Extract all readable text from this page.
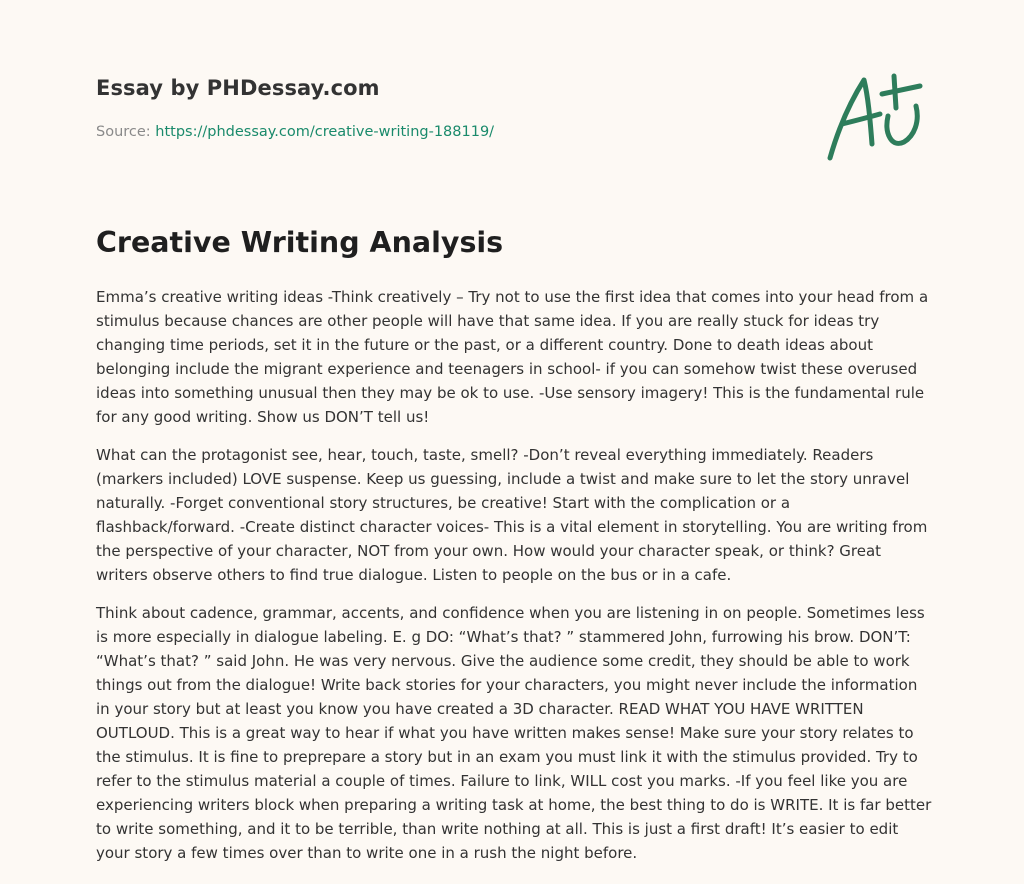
Essay by PHDessay.com
Source: https://phdessay.com/creative-writing-188119/
Creative Writing Analysis

Emma’s creative writing ideas -Think creatively – Try not to use the first idea that comes into your head from a stimulus because chances are other people will have that same idea. If you are really stuck for ideas try changing time periods, set it in the future or the past, or a different country. Done to death ideas about belonging include the migrant experience and teenagers in school- if you can somehow twist these overused ideas into something unusual then they may be ok to use. -Use sensory imagery! This is the fundamental rule for any good writing. Show us DON’T tell us!

What can the protagonist see, hear, touch, taste, smell? -Don’t reveal everything immediately. Readers (markers included) LOVE suspense. Keep us guessing, include a twist and make sure to let the story unravel naturally. -Forget conventional story structures, be creative! Start with the complication or a flashback/forward. -Create distinct character voices- This is a vital element in storytelling. You are writing from the perspective of your character, NOT from your own. How would your character speak, or think? Great writers observe others to find true dialogue. Listen to people on the bus or in a cafe.

Think about cadence, grammar, accents, and confidence when you are listening in on people. Sometimes less is more especially in dialogue labeling. E. g DO: “What’s that? ” stammered John, furrowing his brow. DON’T: “What’s that? ” said John. He was very nervous. Give the audience some credit, they should be able to work things out from the dialogue! Write back stories for your characters, you might never include the information in your story but at least you know you have created a 3D character. READ WHAT YOU HAVE WRITTEN OUTLOUD. This is a great way to hear if what you have written makes sense! Make sure your story relates to the stimulus. It is fine to preprepare a story but in an exam you must link it with the stimulus provided. Try to refer to the stimulus material a couple of times. Failure to link, WILL cost you marks. -If you feel like you are experiencing writers block when preparing a writing task at home, the best thing to do is WRITE. It is far better to write something, and it to be terrible, than write nothing at all. This is just a first draft! It’s easier to edit your story a few times over than to write one in a rush the night before.
